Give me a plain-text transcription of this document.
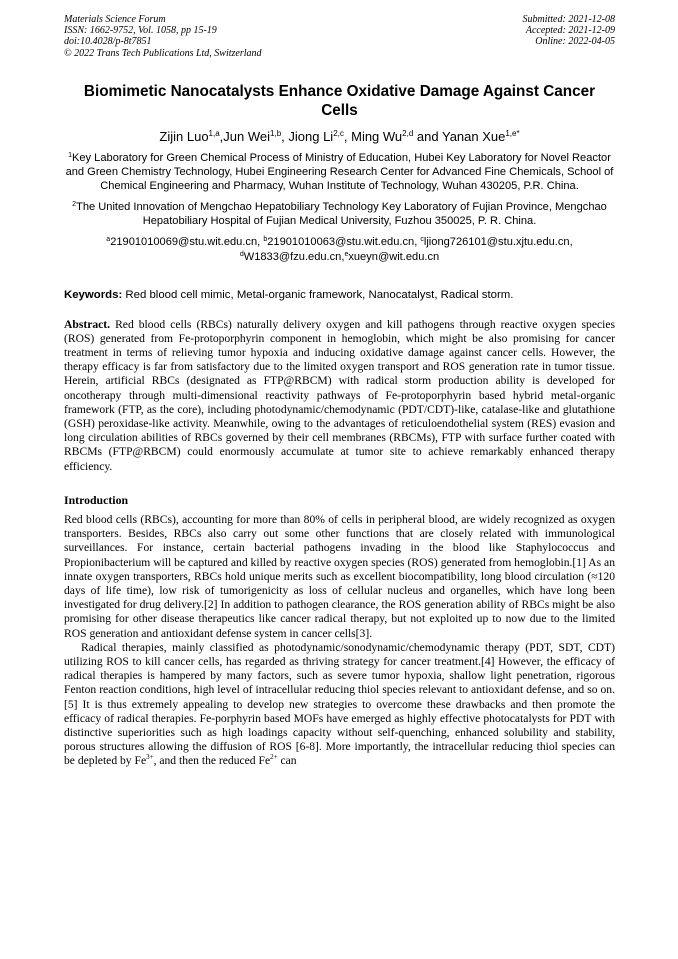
Materials Science Forum
ISSN: 1662-9752, Vol. 1058, pp 15-19
doi:10.4028/p-8t7851
© 2022 Trans Tech Publications Ltd, Switzerland
Submitted: 2021-12-08
Accepted: 2021-12-09
Online: 2022-04-05
Biomimetic Nanocatalysts Enhance Oxidative Damage Against Cancer Cells
Zijin Luo$^{1,a}$,Jun Wei$^{1,b}$, Jiong Li$^{2,c}$, Ming Wu$^{2,d}$ and Yanan Xue$^{1,e*}$
$^1$Key Laboratory for Green Chemical Process of Ministry of Education, Hubei Key Laboratory for Novel Reactor and Green Chemistry Technology, Hubei Engineering Research Center for Advanced Fine Chemicals, School of Chemical Engineering and Pharmacy, Wuhan Institute of Technology, Wuhan 430205, P.R. China.
$^2$The United Innovation of Mengchao Hepatobiliary Technology Key Laboratory of Fujian Province, Mengchao Hepatobiliary Hospital of Fujian Medical University, Fuzhou 350025, P. R. China.
$^a$21901010069@stu.wit.edu.cn, $^b$21901010063@stu.wit.edu.cn, $^c$ljiong726101@stu.xjtu.edu.cn,
$^d$W1833@fzu.edu.cn,$^e$xueyn@wit.edu.cn
Keywords: Red blood cell mimic, Metal-organic framework, Nanocatalyst, Radical storm.
Abstract. Red blood cells (RBCs) naturally delivery oxygen and kill pathogens through reactive oxygen species (ROS) generated from Fe-protoporphyrin component in hemoglobin, which might be also promising for cancer treatment in terms of relieving tumor hypoxia and inducing oxidative damage against cancer cells. However, the therapy efficacy is far from satisfactory due to the limited oxygen transport and ROS generation rate in tumor tissue. Herein, artificial RBCs (designated as FTP@RBCM) with radical storm production ability is developed for oncotherapy through multi-dimensional reactivity pathways of Fe-protoporphyrin based hybrid metal-organic framework (FTP, as the core), including photodynamic/chemodynamic (PDT/CDT)-like, catalase-like and glutathione (GSH) peroxidase-like activity. Meanwhile, owing to the advantages of reticuloendothelial system (RES) evasion and long circulation abilities of RBCs governed by their cell membranes (RBCMs), FTP with surface further coated with RBCMs (FTP@RBCM) could enormously accumulate at tumor site to achieve remarkably enhanced therapy efficiency.
Introduction
Red blood cells (RBCs), accounting for more than 80% of cells in peripheral blood, are widely recognized as oxygen transporters. Besides, RBCs also carry out some other functions that are closely related with immunological surveillances. For instance, certain bacterial pathogens invading in the blood like Staphylococcus and Propionibacterium will be captured and killed by reactive oxygen species (ROS) generated from hemoglobin.[1] As an innate oxygen transporters, RBCs hold unique merits such as excellent biocompatibility, long blood circulation (≈120 days of life time), low risk of tumorigenicity as loss of cellular nucleus and organelles, which have long been investigated for drug delivery.[2] In addition to pathogen clearance, the ROS generation ability of RBCs might be also promising for other disease therapeutics like cancer radical therapy, but not exploited up to now due to the limited ROS generation and antioxidant defense system in cancer cells[3].
Radical therapies, mainly classified as photodynamic/sonodynamic/chemodynamic therapy (PDT, SDT, CDT) utilizing ROS to kill cancer cells, has regarded as thriving strategy for cancer treatment.[4] However, the efficacy of radical therapies is hampered by many factors, such as severe tumor hypoxia, shallow light penetration, rigorous Fenton reaction conditions, high level of intracellular reducing thiol species relevant to antioxidant defense, and so on.[5] It is thus extremely appealing to develop new strategies to overcome these drawbacks and then promote the efficacy of radical therapies. Fe-porphyrin based MOFs have emerged as highly effective photocatalysts for PDT with distinctive superiorities such as high loadings capacity without self-quenching, enhanced solubility and stability, porous structures allowing the diffusion of ROS [6-8]. More importantly, the intracellular reducing thiol species can be depleted by $Fe^{3+}$, and then the reduced $Fe^{2+}$ can
